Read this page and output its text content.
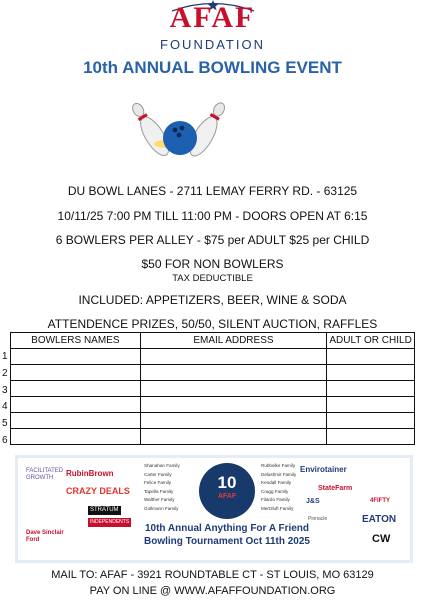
AFAF
FOUNDATION
10th ANNUAL BOWLING EVENT
DU BOWL LANES - 2711 LEMAY FERRY RD. - 63125
10/11/25 7:00 PM TILL 11:00 PM - DOORS OPEN AT 6:15
6 BOWLERS PER ALLEY - $75 per ADULT $25 per CHILD
$50 FOR NON BOWLERS
TAX DEDUCTIBLE
INCLUDED: APPETIZERS, BEER, WINE & SODA
ATTENDENCE PRIZES, 50/50, SILENT AUCTION, RAFFLES
BOWLERS NAMES	EMAIL ADDRESS	ADULT OR CHILD

1
2
3
4
5
6
FACILITATED GROWTH	RubinBrown
CRAZY DEALS
STRATUM
INDEPENDENTS
Dave Sinclair Ford
Shanahan Family
Carter Family
Felice Family
Tapella Family
Walther Family
Gollmann Family
10
AFAF
Rubbelke Family
Delashmit Family
Kendall Family
Cragg Family
Filardo Family
Mertzluft Family
Envirotainer
StateFarm
J&S	4FIFTY
Pinnacle	EATON
CW
10th Annual Anything For A Friend
Bowling Tournament Oct 11th 2025
MAIL TO: AFAF - 3921 ROUNDTABLE CT - ST LOUIS, MO 63129
PAY ON LINE @ WWW.AFAFFOUNDATION.ORG
